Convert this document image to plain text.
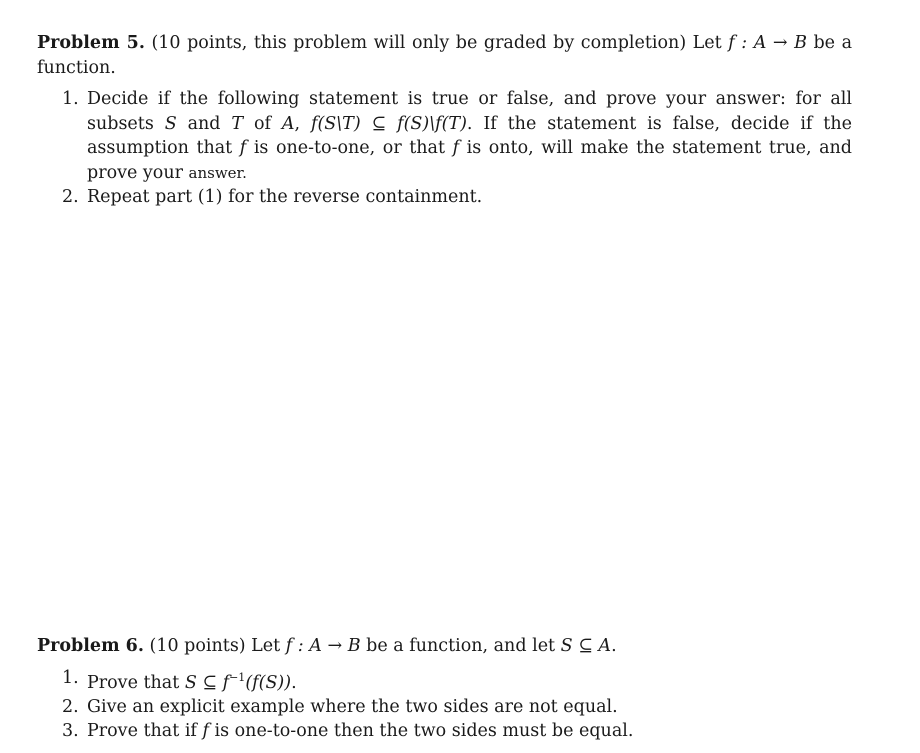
Problem 5. (10 points, this problem will only be graded by completion) Let f : A → B be a function.

1. Decide if the following statement is true or false, and prove your answer: for all subsets S and T of A, f(S\T) ⊆ f(S)\f(T). If the statement is false, decide if the assumption that f is one-to-one, or that f is onto, will make the statement true, and prove your answer.
2. Repeat part (1) for the reverse containment.

Problem 6. (10 points) Let f : A → B be a function, and let S ⊆ A.

1. Prove that S ⊆ $f^{-1}(f(S))$.
2. Give an explicit example where the two sides are not equal.
3. Prove that if f is one-to-one then the two sides must be equal.
